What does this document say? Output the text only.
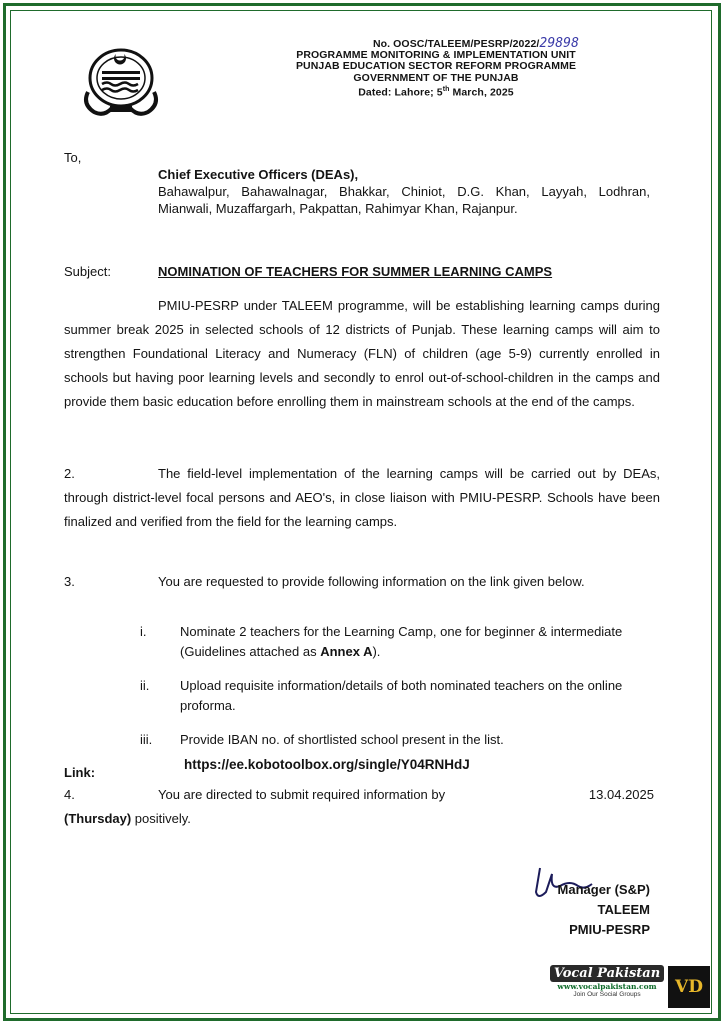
No. OOSC/TALEEM/PESRP/2022/29898
PROGRAMME MONITORING & IMPLEMENTATION UNIT
PUNJAB EDUCATION SECTOR REFORM PROGRAMME
GOVERNMENT OF THE PUNJAB
Dated: Lahore; 5th March, 2025
To,
Chief Executive Officers (DEAs),
Bahawalpur, Bahawalnagar, Bhakkar, Chiniot, D.G. Khan, Layyah, Lodhran, Mianwali, Muzaffargarh, Pakpattan, Rahimyar Khan, Rajanpur.
Subject:	NOMINATION OF TEACHERS FOR SUMMER LEARNING CAMPS
PMIU-PESRP under TALEEM programme, will be establishing learning camps during summer break 2025 in selected schools of 12 districts of Punjab. These learning camps will aim to strengthen Foundational Literacy and Numeracy (FLN) of children (age 5-9) currently enrolled in schools but having poor learning levels and secondly to enrol out-of-school-children in the camps and provide them basic education before enrolling them in mainstream schools at the end of the camps.
2.	The field-level implementation of the learning camps will be carried out by DEAs, through district-level focal persons and AEO's, in close liaison with PMIU-PESRP. Schools have been finalized and verified from the field for the learning camps.
3.	You are requested to provide following information on the link given below.
i.	Nominate 2 teachers for the Learning Camp, one for beginner & intermediate (Guidelines attached as Annex A).
ii.	Upload requisite information/details of both nominated teachers on the online proforma.
iii.	Provide IBAN no. of shortlisted school present in the list.
Link:
https://ee.kobotoolbox.org/single/Y04RNHdJ
4.	You are directed to submit required information by	13.04.2025

(Thursday) positively.
Manager (S&P)
TALEEM
PMIU-PESRP
Vocal Pakistan
www.vocalpakistan.com
Join Our Social Groups	VD
